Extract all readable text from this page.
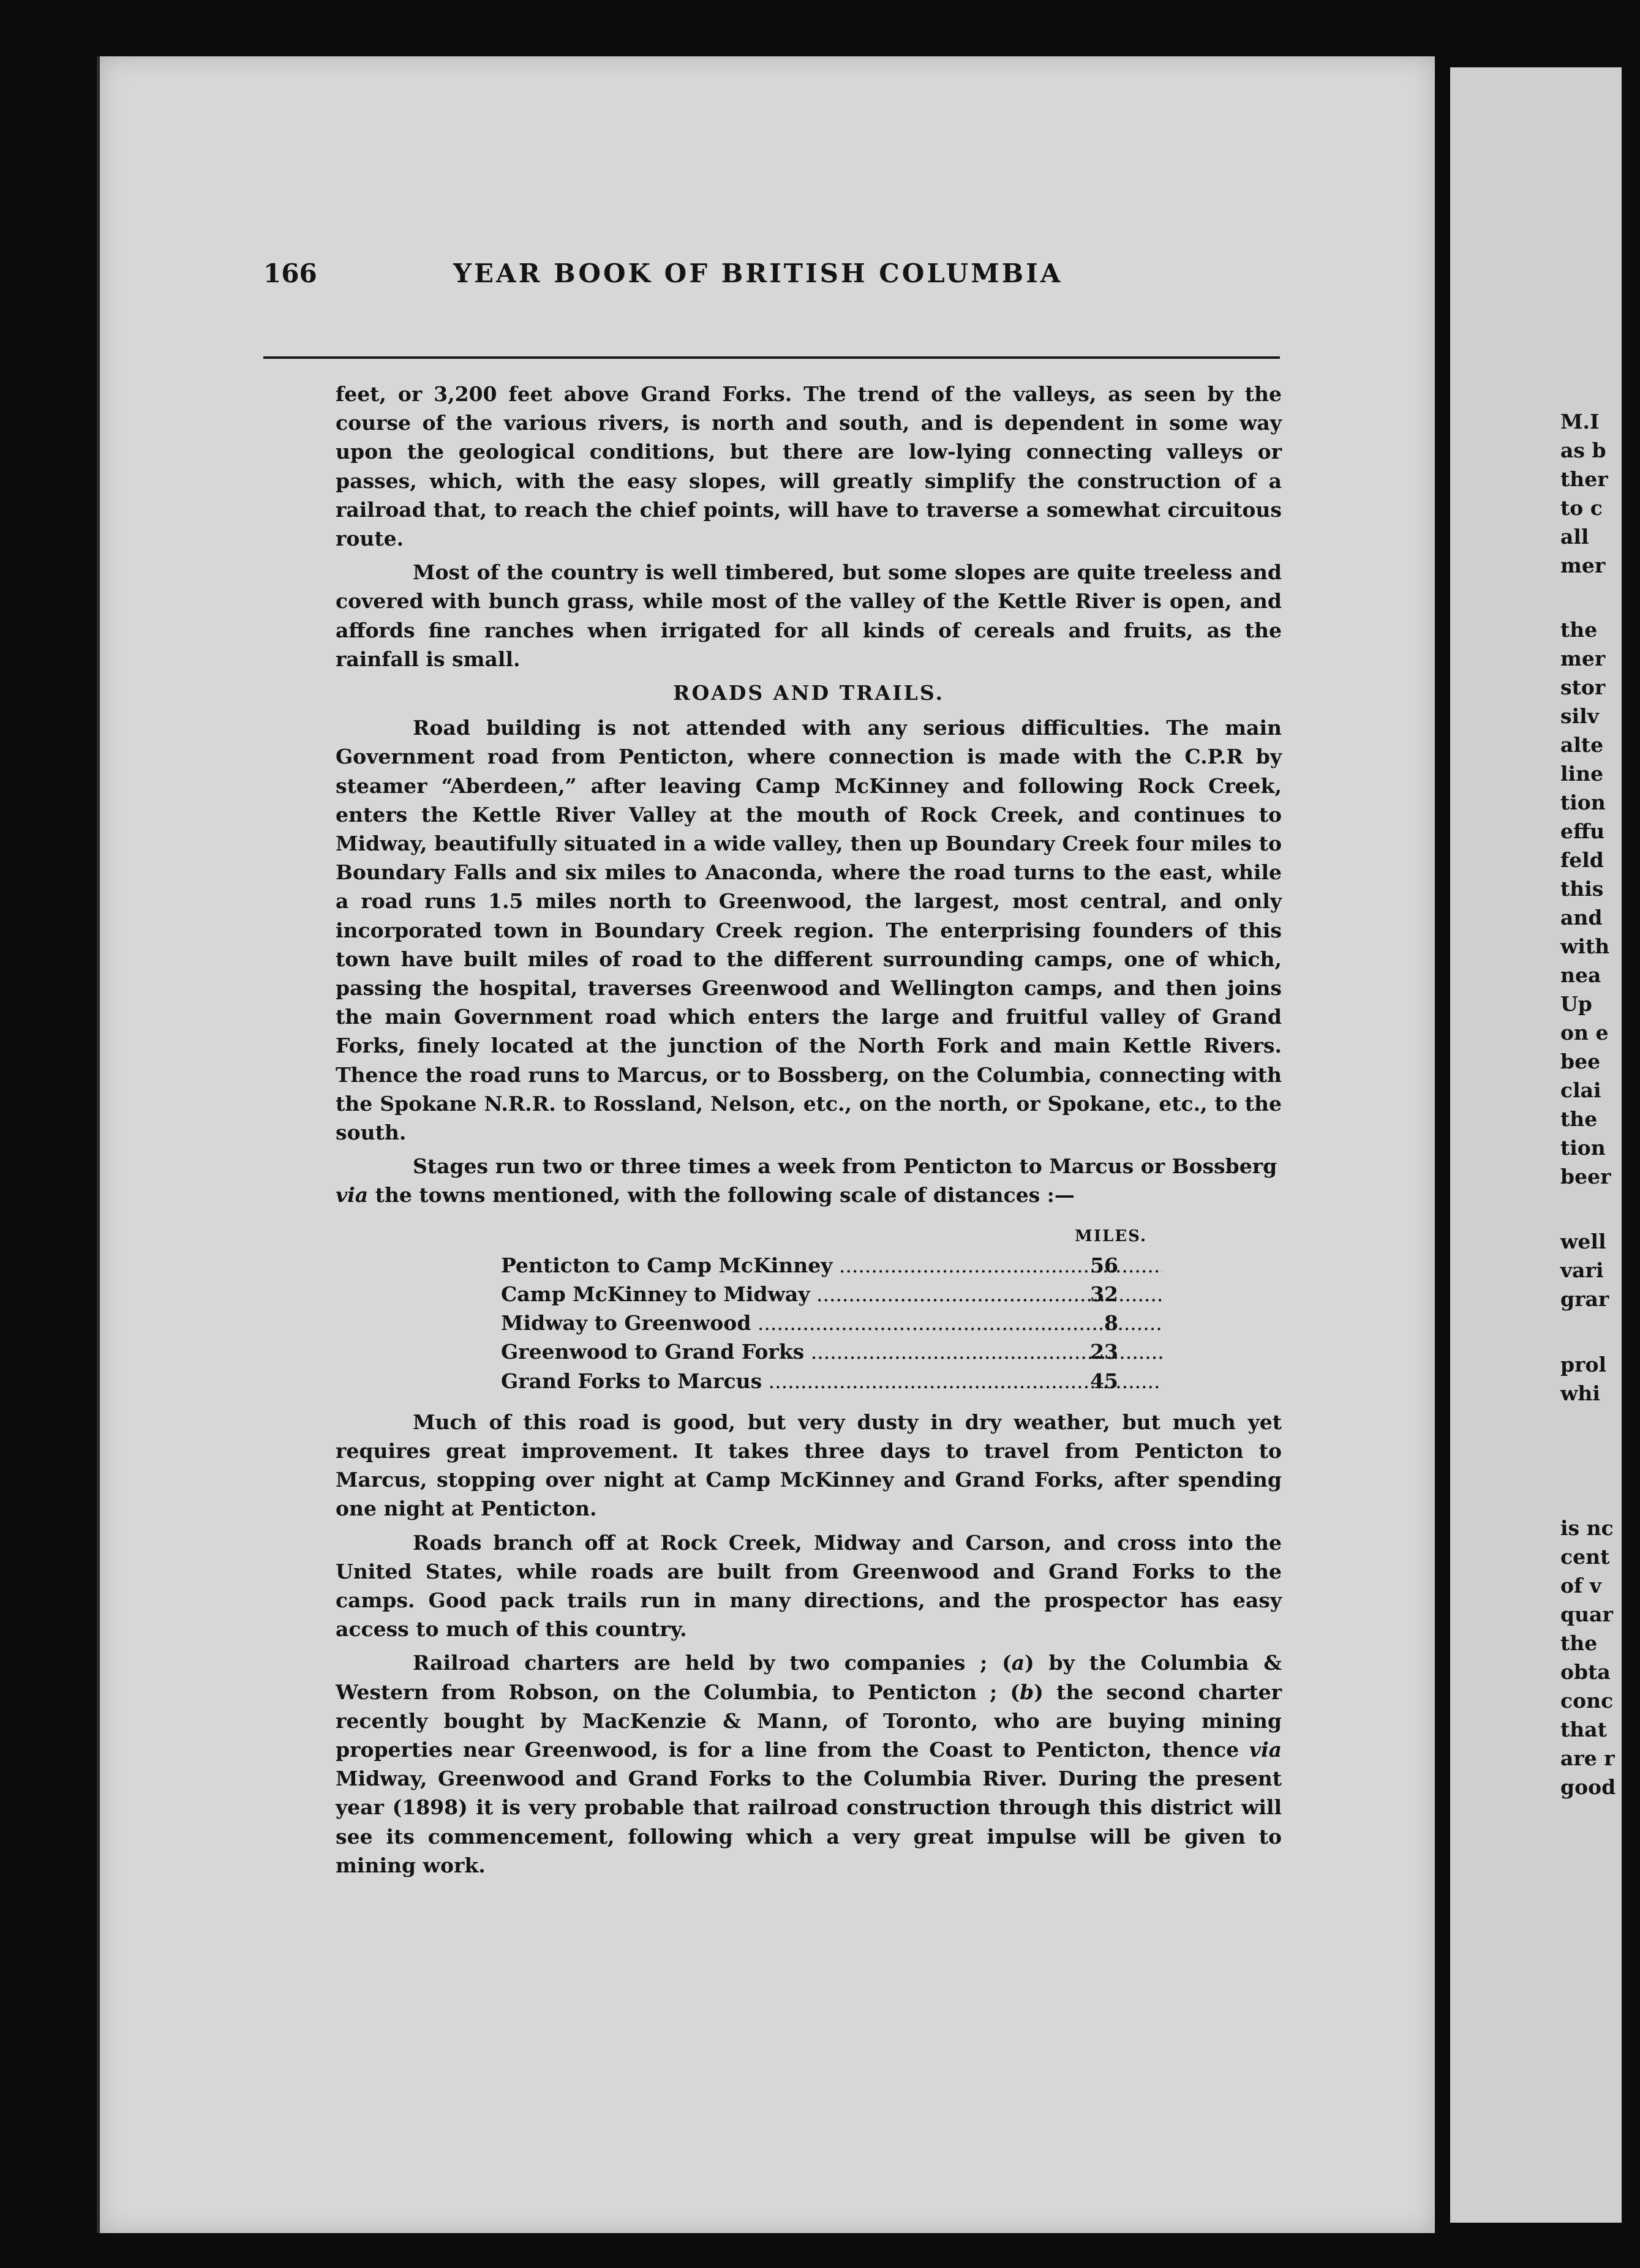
166	YEAR BOOK OF BRITISH COLUMBIA

feet, or 3,200 feet above Grand Forks. The trend of the valleys, as seen by the course of the various rivers, is north and south, and is dependent in some way upon the geological conditions, but there are low-lying connecting valleys or passes, which, with the easy slopes, will greatly simplify the construction of a railroad that, to reach the chief points, will have to traverse a somewhat circuitous route.

Most of the country is well timbered, but some slopes are quite treeless and covered with bunch grass, while most of the valley of the Kettle River is open, and affords fine ranches when irrigated for all kinds of cereals and fruits, as the rainfall is small.

ROADS AND TRAILS.

Road building is not attended with any serious difficulties. The main Government road from Penticton, where connection is made with the C.P.R by steamer “Aberdeen,” after leaving Camp McKinney and following Rock Creek, enters the Kettle River Valley at the mouth of Rock Creek, and continues to Midway, beautifully situated in a wide valley, then up Boundary Creek four miles to Boundary Falls and six miles to Anaconda, where the road turns to the east, while a road runs 1.5 miles north to Greenwood, the largest, most central, and only incorporated town in Boundary Creek region. The enterprising founders of this town have built miles of road to the different surrounding camps, one of which, passing the hospital, traverses Greenwood and Wellington camps, and then joins the main Government road which enters the large and fruitful valley of Grand Forks, finely located at the junction of the North Fork and main Kettle Rivers. Thence the road runs to Marcus, or to Bossberg, on the Columbia, connecting with the Spokane N.R.R. to Rossland, Nelson, etc., on the north, or Spokane, etc., to the south.

Stages run two or three times a week from Penticton to Marcus or Bossberg
via the towns mentioned, with the following scale of distances :—

MILES.
Penticton to Camp McKinney .....	56
Camp McKinney to Midway .....	32
Midway to Greenwood .....	8
Greenwood to Grand Forks .....	23
Grand Forks to Marcus .....	45

Much of this road is good, but very dusty in dry weather, but much yet requires great improvement. It takes three days to travel from Penticton to Marcus, stopping over night at Camp McKinney and Grand Forks, after spending one night at Penticton.

Roads branch off at Rock Creek, Midway and Carson, and cross into the United States, while roads are built from Greenwood and Grand Forks to the camps. Good pack trails run in many directions, and the prospector has easy access to much of this country.

Railroad charters are held by two companies ; (a) by the Columbia & Western from Robson, on the Columbia, to Penticton ; (b) the second charter recently bought by MacKenzie & Mann, of Toronto, who are buying mining properties near Greenwood, is for a line from the Coast to Penticton, thence via Midway, Greenwood and Grand Forks to the Columbia River. During the present year (1898) it is very probable that railroad construction through this district will see its commencement, following which a very great impulse will be given to mining work.

M.I
as b
ther
to c
all
mer
the
mer
stor
silv
alte
line
tion
effu
feld
this
and
with
nea
Up
on e
bee
clai
the
tion
beer
well
vari
grar
prol
whi
is nc
cent
of v
quar
the
obta
conc
that
are r
good
